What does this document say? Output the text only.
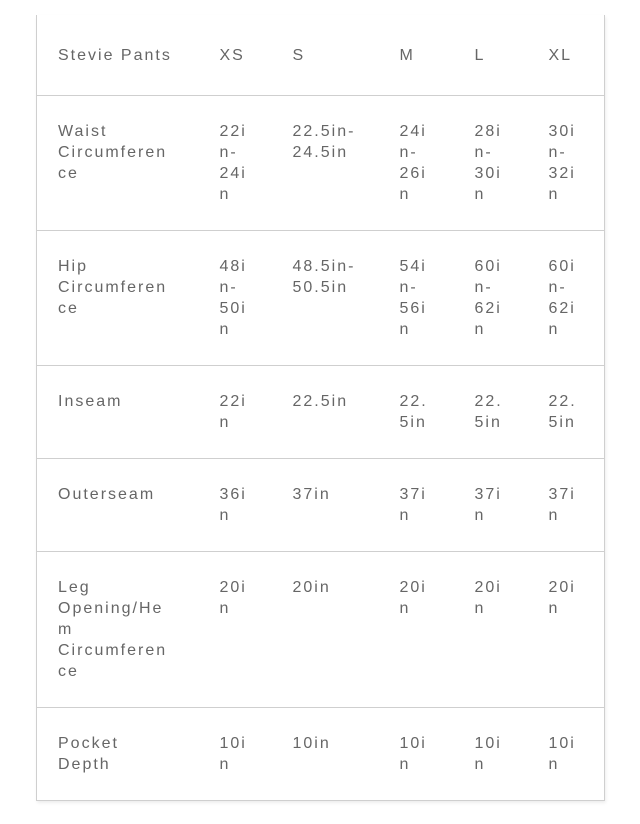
Stevie Pants	XS	S	M	L	XL

Waist Circumference	22in-24in	22.5in-24.5in	24in-26in	28in-30in	30in-32in

Hip Circumference	48in-50in	48.5in-50.5in	54in-56in	60in-62in	60in-62in

Inseam	22in	22.5in	22.5in	22.5in	22.5in

Outerseam	36in	37in	37in	37in	37in

Leg Opening/Hem Circumference	20in	20in	20in	20in	20in

Pocket Depth	10in	10in	10in	10in	10in
